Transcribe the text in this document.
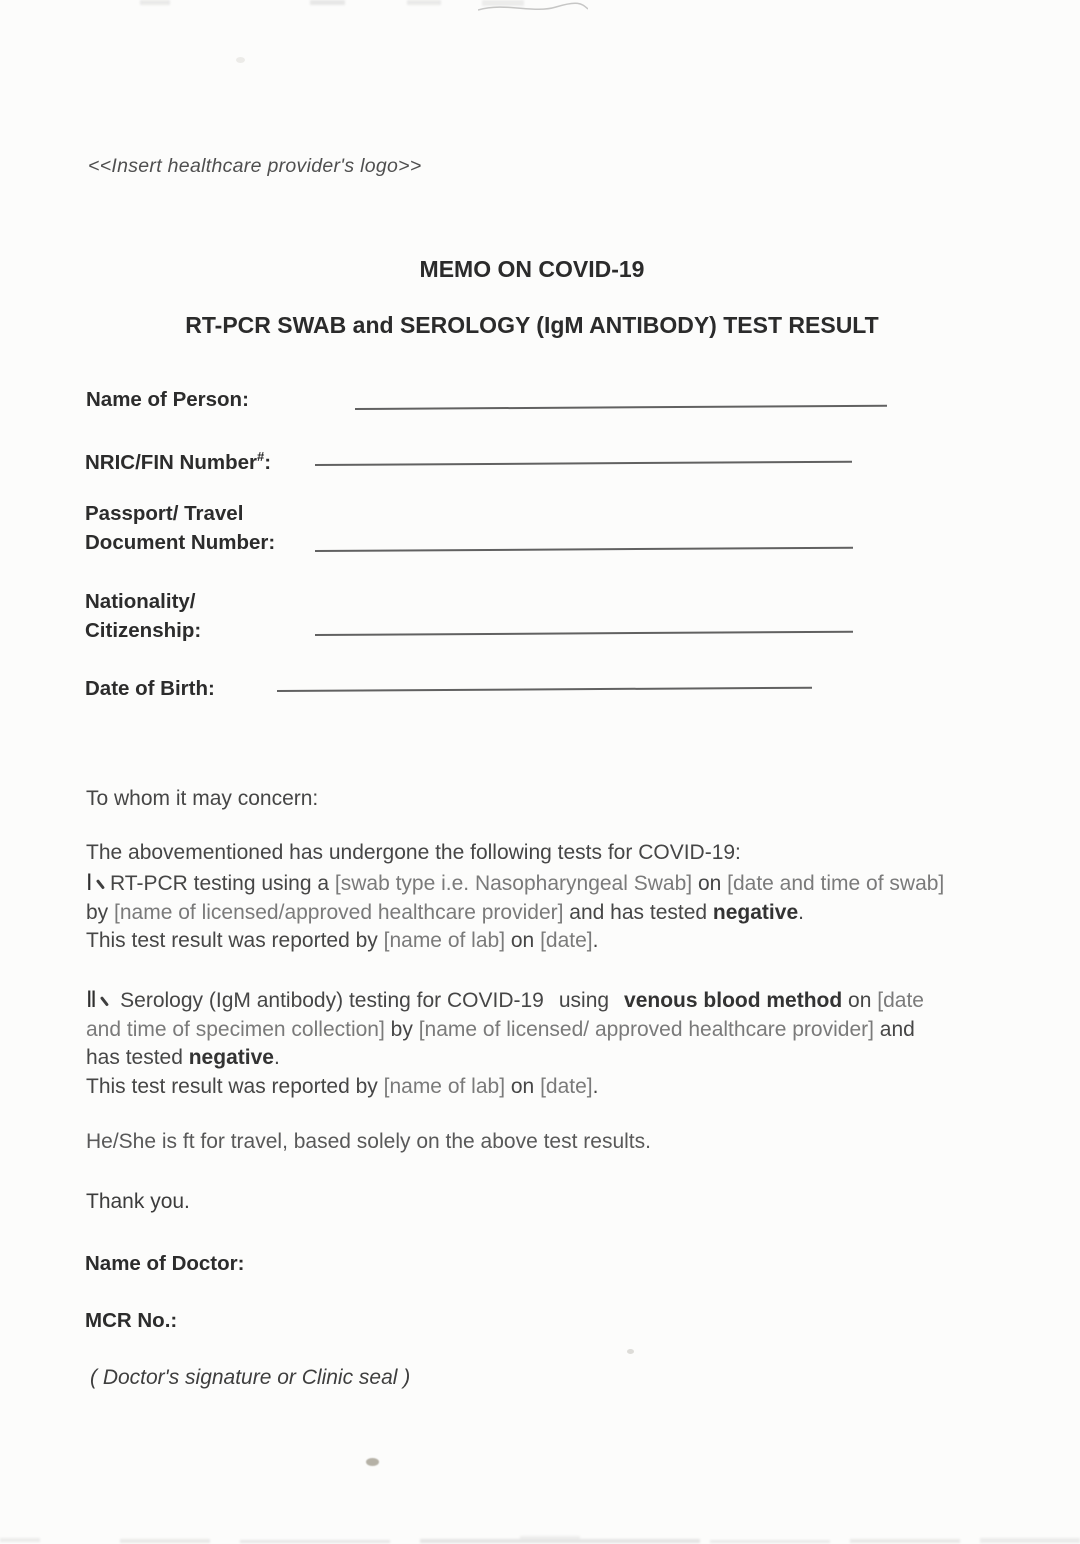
<<Insert healthcare provider's logo>>
MEMO ON COVID-19
RT-PCR SWAB and SEROLOGY (IgM ANTIBODY) TEST RESULT
Name of Person:
NRIC/FIN Number#:
Passport/ Travel
Document Number:
Nationality/
Citizenship:
Date of Birth:
To whom it may concern:
The abovementioned has undergone the following tests for COVID-19:
Ⅰ RT-PCR testing using a [swab type i.e. Nasopharyngeal Swab] on [date and time of swab]
by [name of licensed/approved healthcare provider] and has tested negative.
This test result was reported by [name of lab] on [date].
Ⅱ Serology (IgM antibody) testing for COVID-19 using venous blood method on [date
and time of specimen collection] by [name of licensed/ approved healthcare provider] and
has tested negative.
This test result was reported by [name of lab] on [date].
He/She is ft for travel, based solely on the above test results.
Thank you.
Name of Doctor:
MCR No.:
( Doctor's signature or Clinic seal )
